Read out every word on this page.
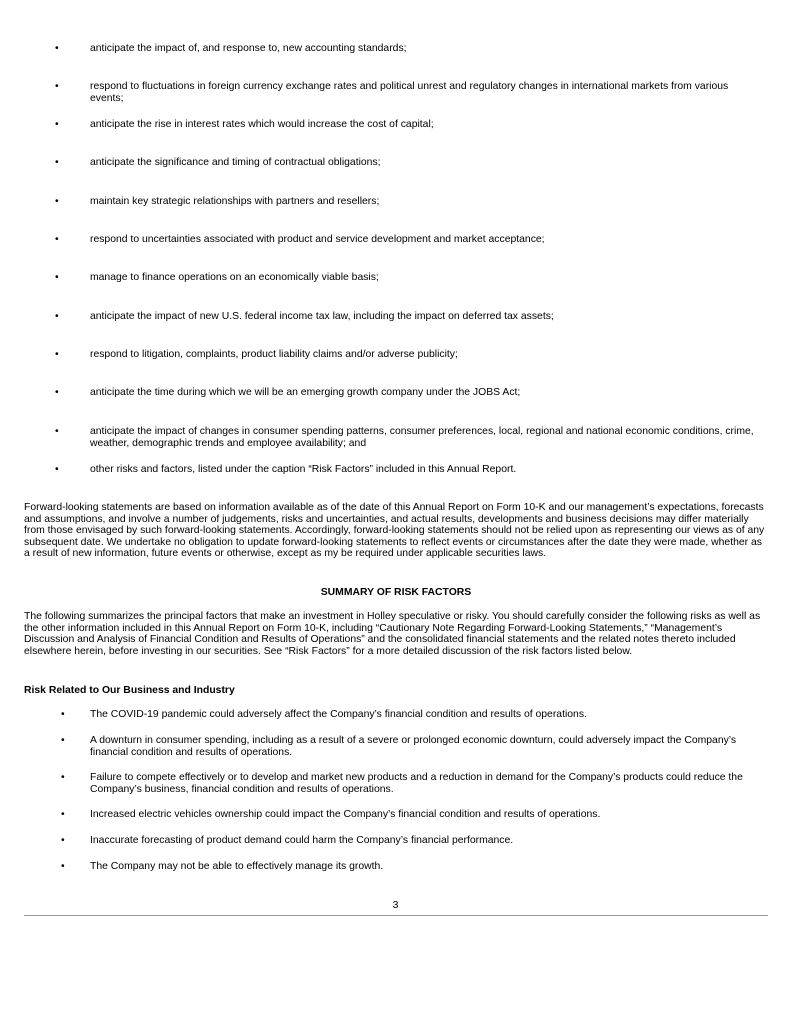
•	anticipate the impact of, and response to, new accounting standards;
•	respond to fluctuations in foreign currency exchange rates and political unrest and regulatory changes in international markets from various events;
•	anticipate the rise in interest rates which would increase the cost of capital;
•	anticipate the significance and timing of contractual obligations;
•	maintain key strategic relationships with partners and resellers;
•	respond to uncertainties associated with product and service development and market acceptance;
•	manage to finance operations on an economically viable basis;
•	anticipate the impact of new U.S. federal income tax law, including the impact on deferred tax assets;
•	respond to litigation, complaints, product liability claims and/or adverse publicity;
•	anticipate the time during which we will be an emerging growth company under the JOBS Act;
•	anticipate the impact of changes in consumer spending patterns, consumer preferences, local, regional and national economic conditions, crime, weather, demographic trends and employee availability; and
•	other risks and factors, listed under the caption “Risk Factors” included in this Annual Report.
Forward-looking statements are based on information available as of the date of this Annual Report on Form 10-K and our management’s expectations, forecasts and assumptions, and involve a number of judgements, risks and uncertainties, and actual results, developments and business decisions may differ materially from those envisaged by such forward-looking statements. Accordingly, forward-looking statements should not be relied upon as representing our views as of any subsequent date. We undertake no obligation to update forward-looking statements to reflect events or circumstances after the date they were made, whether as a result of new information, future events or otherwise, except as my be required under applicable securities laws.
SUMMARY OF RISK FACTORS
The following summarizes the principal factors that make an investment in Holley speculative or risky. You should carefully consider the following risks as well as the other information included in this Annual Report on Form 10-K, including “Cautionary Note Regarding Forward-Looking Statements,” “Management’s Discussion and Analysis of Financial Condition and Results of Operations” and the consolidated financial statements and the related notes thereto included elsewhere herein, before investing in our securities. See “Risk Factors” for a more detailed discussion of the risk factors listed below.
Risk Related to Our Business and Industry
• The COVID-19 pandemic could adversely affect the Company’s financial condition and results of operations.
• A downturn in consumer spending, including as a result of a severe or prolonged economic downturn, could adversely impact the Company’s financial condition and results of operations.
• Failure to compete effectively or to develop and market new products and a reduction in demand for the Company’s products could reduce the Company’s business, financial condition and results of operations.
• Increased electric vehicles ownership could impact the Company’s financial condition and results of operations.
• Inaccurate forecasting of product demand could harm the Company’s financial performance.
• The Company may not be able to effectively manage its growth.
3
